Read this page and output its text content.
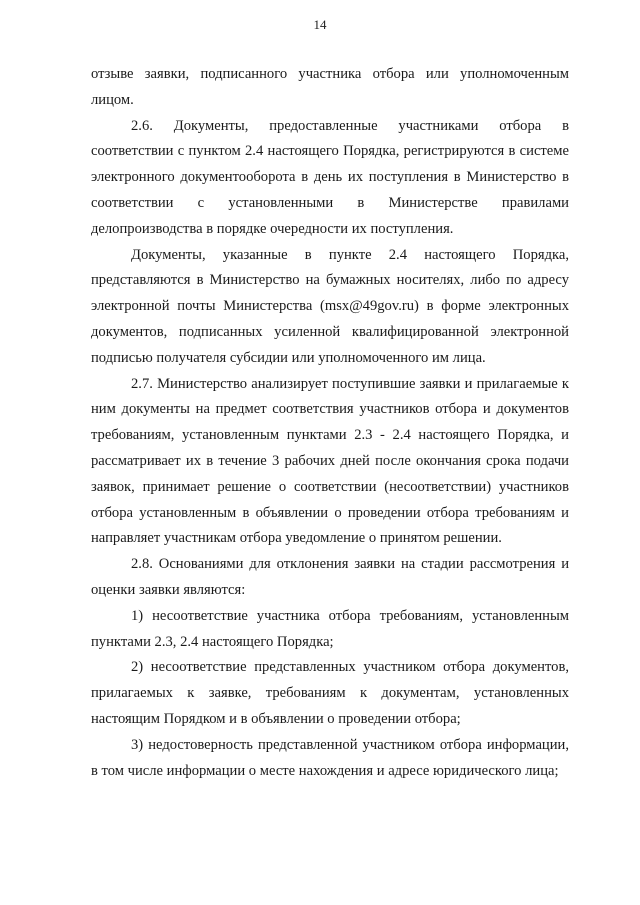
14

отзыве заявки, подписанного участника отбора или уполномоченным лицом.

2.6. Документы, предоставленные участниками отбора в соответствии с пунктом 2.4 настоящего Порядка, регистрируются в системе электронного документооборота в день их поступления в Министерство в соответствии с установленными в Министерстве правилами делопроизводства в порядке очередности их поступления.

Документы, указанные в пункте 2.4 настоящего Порядка, представляются в Министерство на бумажных носителях, либо по адресу электронной почты Министерства (msx@49gov.ru) в форме электронных документов, подписанных усиленной квалифицированной электронной подписью получателя субсидии или уполномоченного им лица.

2.7. Министерство анализирует поступившие заявки и прилагаемые к ним документы на предмет соответствия участников отбора и документов требованиям, установленным пунктами 2.3 - 2.4 настоящего Порядка, и рассматривает их в течение 3 рабочих дней после окончания срока подачи заявок, принимает решение о соответствии (несоответствии) участников отбора установленным в объявлении о проведении отбора требованиям и направляет участникам отбора уведомление о принятом решении.

2.8. Основаниями для отклонения заявки на стадии рассмотрения и оценки заявки являются:

1) несоответствие участника отбора требованиям, установленным пунктами 2.3, 2.4 настоящего Порядка;

2) несоответствие представленных участником отбора документов, прилагаемых к заявке, требованиям к документам, установленных настоящим Порядком и в объявлении о проведении отбора;

3) недостоверность представленной участником отбора информации, в том числе информации о месте нахождения и адресе юридического лица;
